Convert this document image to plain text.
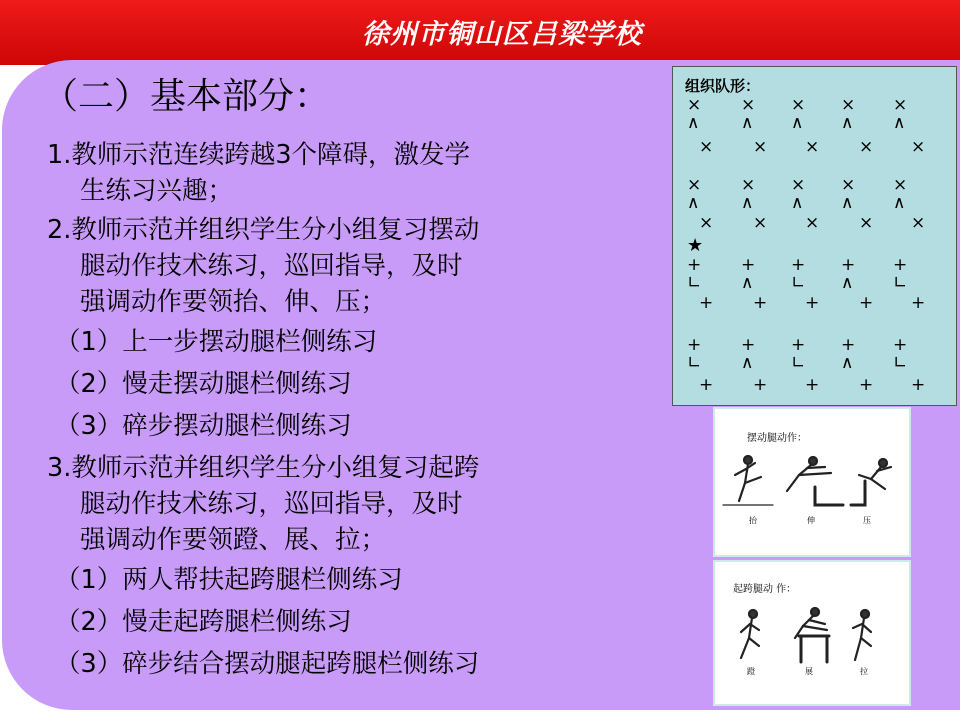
徐州市铜山区吕梁学校
（二）基本部分：
1.教师示范连续跨越3个障碍，激发学
生练习兴趣；
2.教师示范并组织学生分小组复习摆动
腿动作技术练习，巡回指导，及时
强调动作要领抬、伸、压；
（1）上一步摆动腿栏侧练习
（2）慢走摆动腿栏侧练习
（3）碎步摆动腿栏侧练习
3.教师示范并组织学生分小组复习起跨
腿动作技术练习，巡回指导，及时
强调动作要领蹬、展、拉；
（1）两人帮扶起跨腿栏侧练习
（2）慢走起跨腿栏侧练习
（3）碎步结合摆动腿起跨腿栏侧练习
组织队形：
× × × × ×
∧ ∧ ∧ ∧ ∧
× × × × ×
× × × × ×
∧ ∧ ∧ ∧ ∧
× × × × ×
+ + + + +
∟ ∧ ∟ ∧ ∟
+ + + + +
+ + + + +
∟ ∧ ∟ ∧ ∟
+ + + + +
★
摆动腿动作：
抬	伸	压
起跨腿动 作：
蹬	展	拉
